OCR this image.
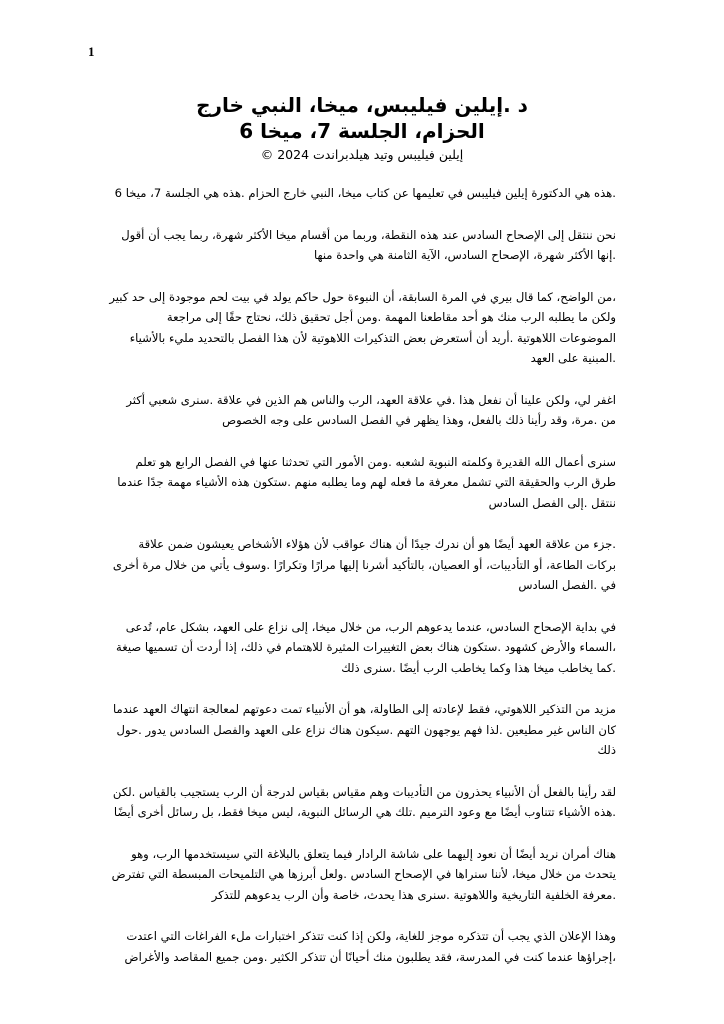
1
د .إيلين فيليبس، ميخا، النبي خارج
الحزام، الجلسة 7، ميخا 6
إيلين فيليبس وتيد هيلدبراندت 2024 ©

.هذه هي الدكتورة إيلين فيليبس في تعليمها عن كتاب ميخا، النبي خارج الحزام .هذه هي الجلسة 7، ميخا 6

نحن ننتقل إلى الإصحاح السادس عند هذه النقطة، وربما من أقسام ميخا الأكثر شهرة، ربما يجب أن أقول .إنها الأكثر شهرة، الإصحاح السادس، الآية الثامنة هي واحدة منها

،من الواضح، كما قال بيري في المرة السابقة، أن النبوءة حول حاكم يولد في بيت لحم موجودة إلى حد كبير ولكن ما يطلبه الرب منك هو أحد مقاطعنا المهمة .ومن أجل تحقيق ذلك، نحتاج حقًا إلى مراجعة الموضوعات اللاهوتية .أريد أن أستعرض بعض التذكيرات اللاهوتية لأن هذا الفصل بالتحديد مليء بالأشياء .المبنية على العهد

اغفر لي، ولكن علينا أن نفعل هذا .في علاقة العهد، الرب والناس هم الذين في علاقة .سنرى شعبي أكثر من .مرة، وقد رأينا ذلك بالفعل، وهذا يظهر في الفصل السادس على وجه الخصوص

سنرى أعمال الله القديرة وكلمته النبوية لشعبه .ومن الأمور التي تحدثنا عنها في الفصل الرابع هو تعلم طرق الرب والحقيقة التي تشمل معرفة ما فعله لهم وما يطلبه منهم .ستكون هذه الأشياء مهمة جدًا عندما ننتقل .إلى الفصل السادس

.جزء من علاقة العهد أيضًا هو أن ندرك جيدًا أن هناك عواقب لأن هؤلاء الأشخاص يعيشون ضمن علاقة بركات الطاعة، أو التأديبات، أو العصيان، بالتأكيد أشرنا إليها مرارًا وتكرارًا .وسوف يأتي من خلال مرة أخرى في .الفصل السادس

في بداية الإصحاح السادس، عندما يدعوهم الرب، من خلال ميخا، إلى نزاع على العهد، بشكل عام، تُدعى ،السماء والأرض كشهود .ستكون هناك بعض التغييرات المثيرة للاهتمام في ذلك، إذا أردت أن تسميها صيغة .كما يخاطب ميخا هذا وكما يخاطب الرب أيضًا .سنرى ذلك

مزيد من التذكير اللاهوتي، فقط لإعادته إلى الطاولة، هو أن الأنبياء تمت دعوتهم لمعالجة انتهاك العهد عندما كان الناس غير مطيعين .لذا فهم يوجهون التهم .سيكون هناك نزاع على العهد والفصل السادس يدور .حول ذلك

لقد رأينا بالفعل أن الأنبياء يحذرون من التأديبات وهم مقياس بقياس لدرجة أن الرب يستجيب بالقياس .لكن .هذه الأشياء تتناوب أيضًا مع وعود الترميم .تلك هي الرسائل النبوية، ليس ميخا فقط، بل رسائل أخرى أيضًا

هناك أمران نريد أيضًا أن نعود إليهما على شاشة الرادار فيما يتعلق بالبلاغة التي سيستخدمها الرب، وهو يتحدث من خلال ميخا، لأننا سنراها في الإصحاح السادس .ولعل أبرزها هي التلميحات المبسطة التي تفترض .معرفة الخلفية التاريخية واللاهوتية .سنرى هذا يحدث، خاصة وأن الرب يدعوهم للتذكر

وهذا الإعلان الذي يجب أن تتذكره موجز للغاية، ولكن إذا كنت تتذكر اختبارات ملء الفراغات التي اعتدت ،إجراؤها عندما كنت في المدرسة، فقد يطلبون منك أحيانًا أن تتذكر الكثير .ومن جميع المقاصد والأغراض
